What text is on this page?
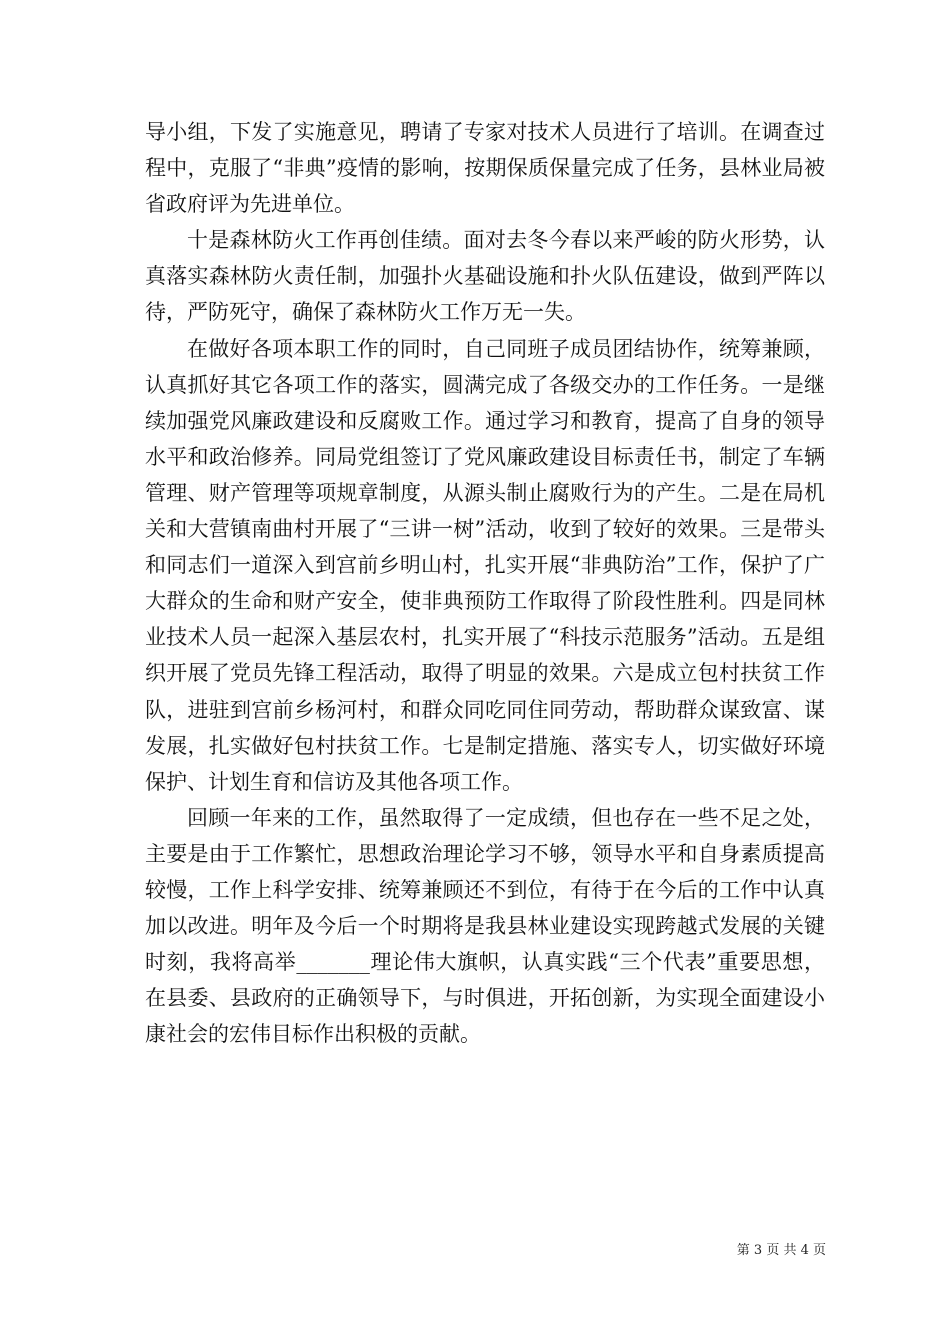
导小组，下发了实施意见，聘请了专家对技术人员进行了培训。在调查过程中，克服了“非典”疫情的影响，按期保质保量完成了任务，县林业局被省政府评为先进单位。

十是森林防火工作再创佳绩。面对去冬今春以来严峻的防火形势，认真落实森林防火责任制，加强扑火基础设施和扑火队伍建设，做到严阵以待，严防死守，确保了森林防火工作万无一失。

在做好各项本职工作的同时，自己同班子成员团结协作，统筹兼顾，认真抓好其它各项工作的落实，圆满完成了各级交办的工作任务。一是继续加强党风廉政建设和反腐败工作。通过学习和教育，提高了自身的领导水平和政治修养。同局党组签订了党风廉政建设目标责任书，制定了车辆管理、财产管理等项规章制度，从源头制止腐败行为的产生。二是在局机关和大营镇南曲村开展了“三讲一树”活动，收到了较好的效果。三是带头和同志们一道深入到宫前乡明山村，扎实开展“非典防治”工作，保护了广大群众的生命和财产安全，使非典预防工作取得了阶段性胜利。四是同林业技术人员一起深入基层农村，扎实开展了“科技示范服务”活动。五是组织开展了党员先锋工程活动，取得了明显的效果。六是成立包村扶贫工作队，进驻到宫前乡杨河村，和群众同吃同住同劳动，帮助群众谋致富、谋发展，扎实做好包村扶贫工作。七是制定措施、落实专人，切实做好环境保护、计划生育和信访及其他各项工作。

回顾一年来的工作，虽然取得了一定成绩，但也存在一些不足之处，主要是由于工作繁忙，思想政治理论学习不够，领导水平和自身素质提高较慢，工作上科学安排、统筹兼顾还不到位，有待于在今后的工作中认真加以改进。明年及今后一个时期将是我县林业建设实现跨越式发展的关键时刻，我将高举_______理论伟大旗帜，认真实践“三个代表”重要思想，在县委、县政府的正确领导下，与时俱进，开拓创新，为实现全面建设小康社会的宏伟目标作出积极的贡献。

第 3 页 共 4 页
